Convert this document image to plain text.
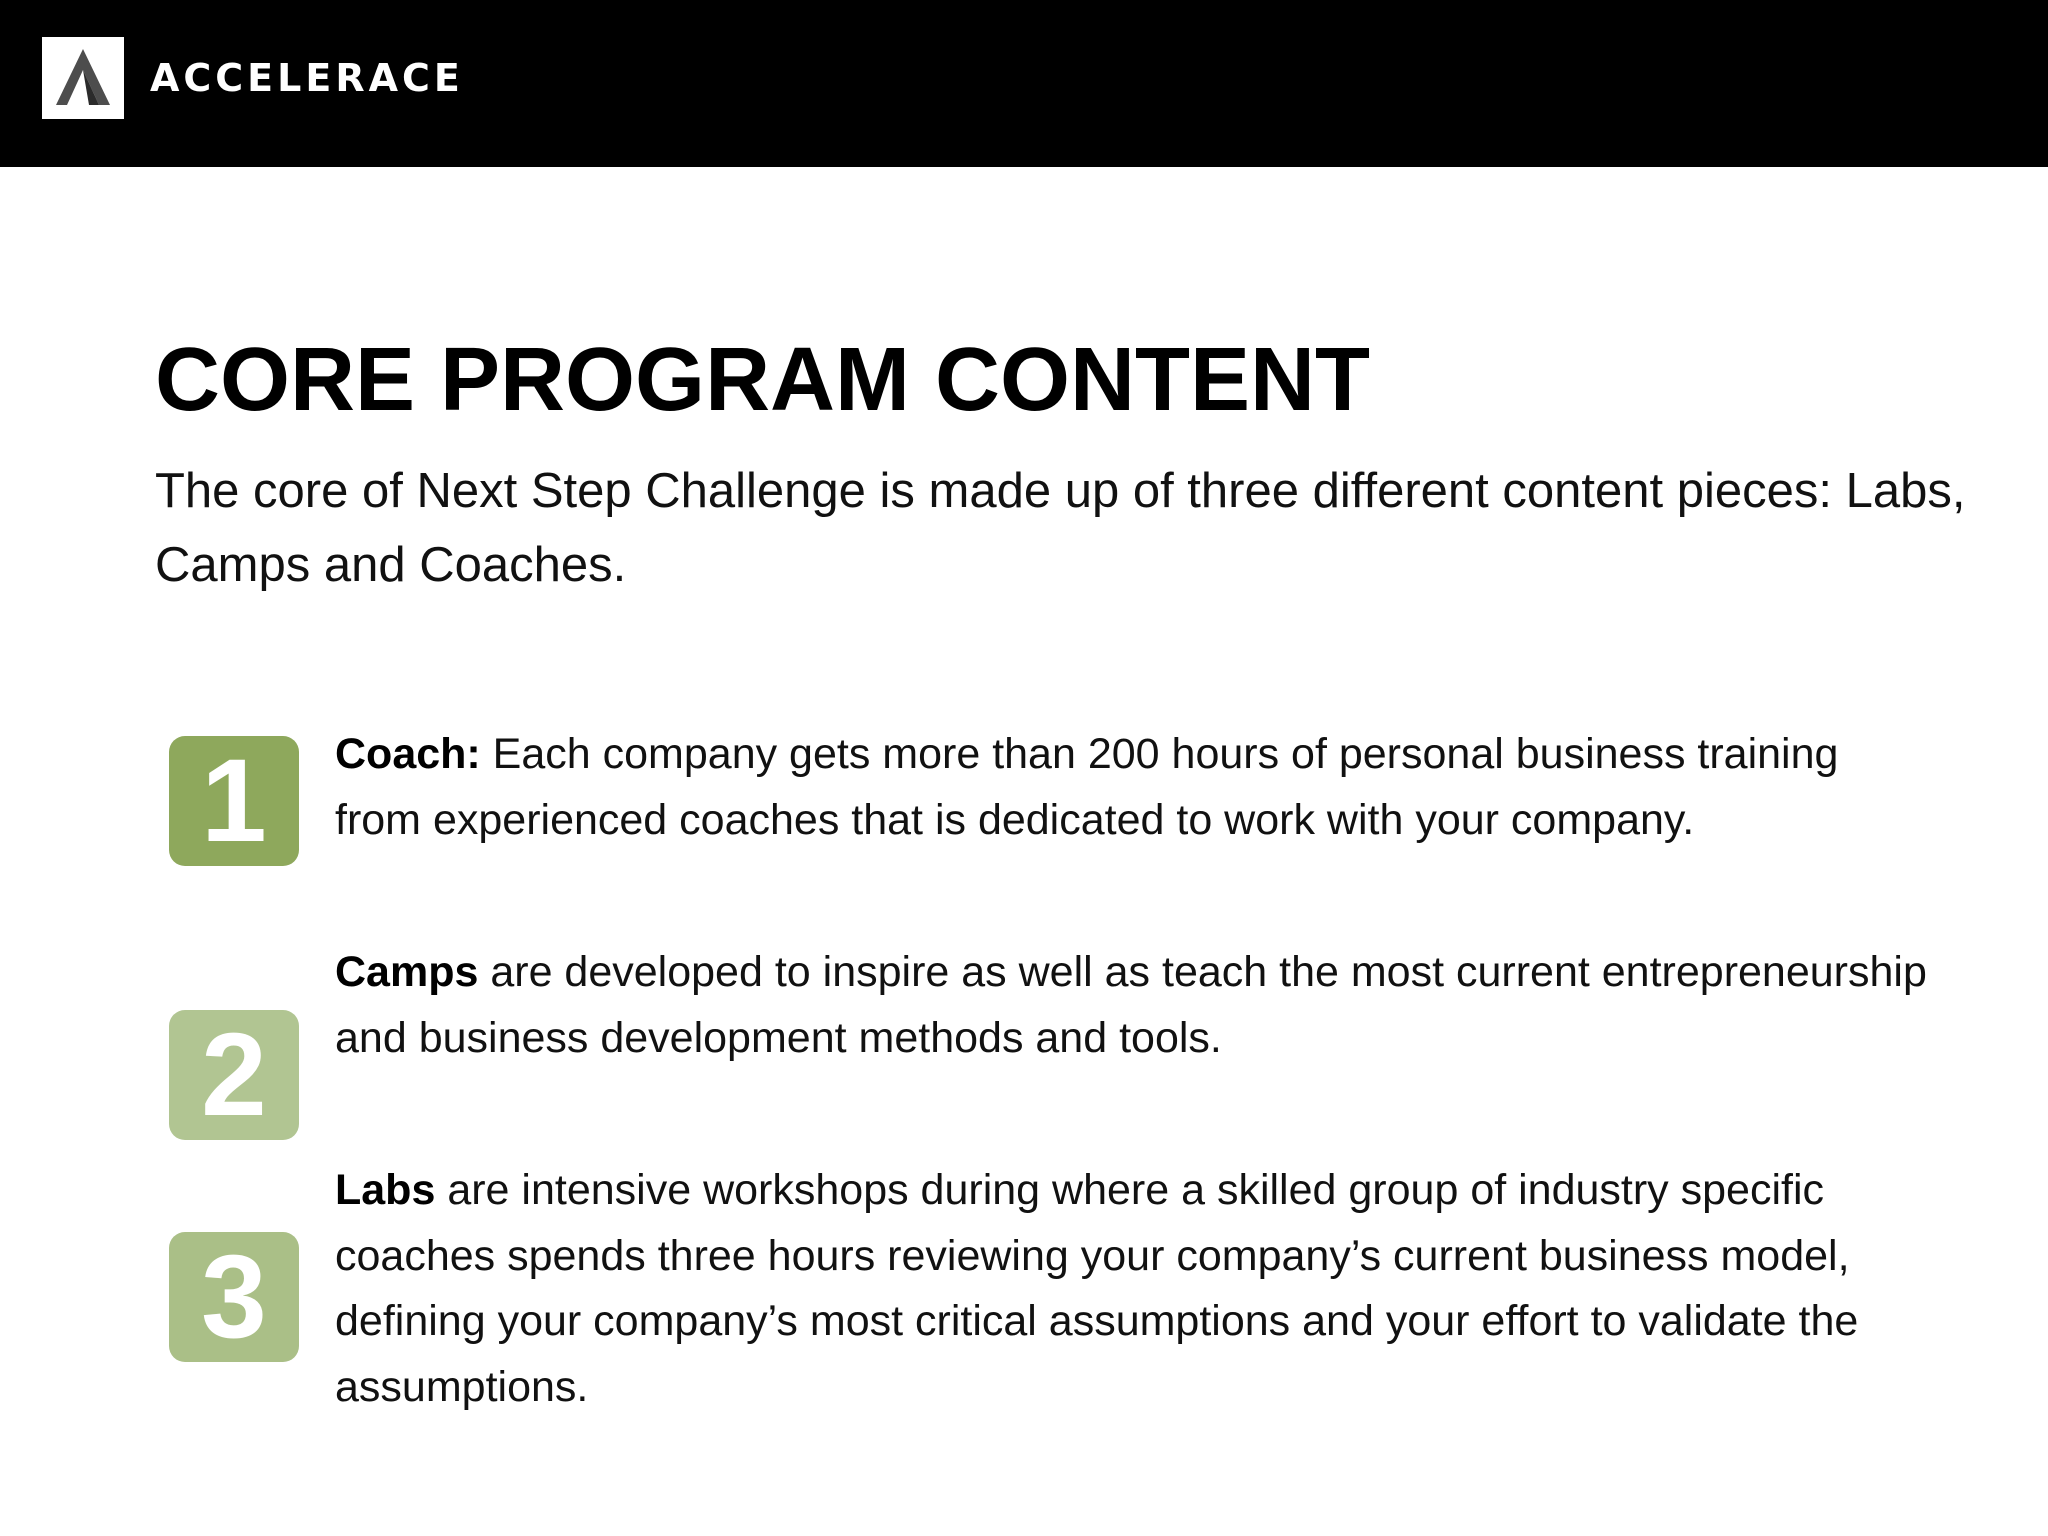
ACCELERACE
CORE PROGRAM CONTENT

The core of Next Step Challenge is made up of three different content pieces: Labs, Camps and Coaches.

1	Coach: Each company gets more than 200 hours of personal business training from experienced coaches that is dedicated to work with your company.

2

Camps are developed to inspire as well as teach the most current entrepreneurship and business development methods and tools.

3

Labs are intensive workshops during where a skilled group of industry specific coaches spends three hours reviewing your company’s current business model, defining your company’s most critical assumptions and your effort to validate the assumptions.
